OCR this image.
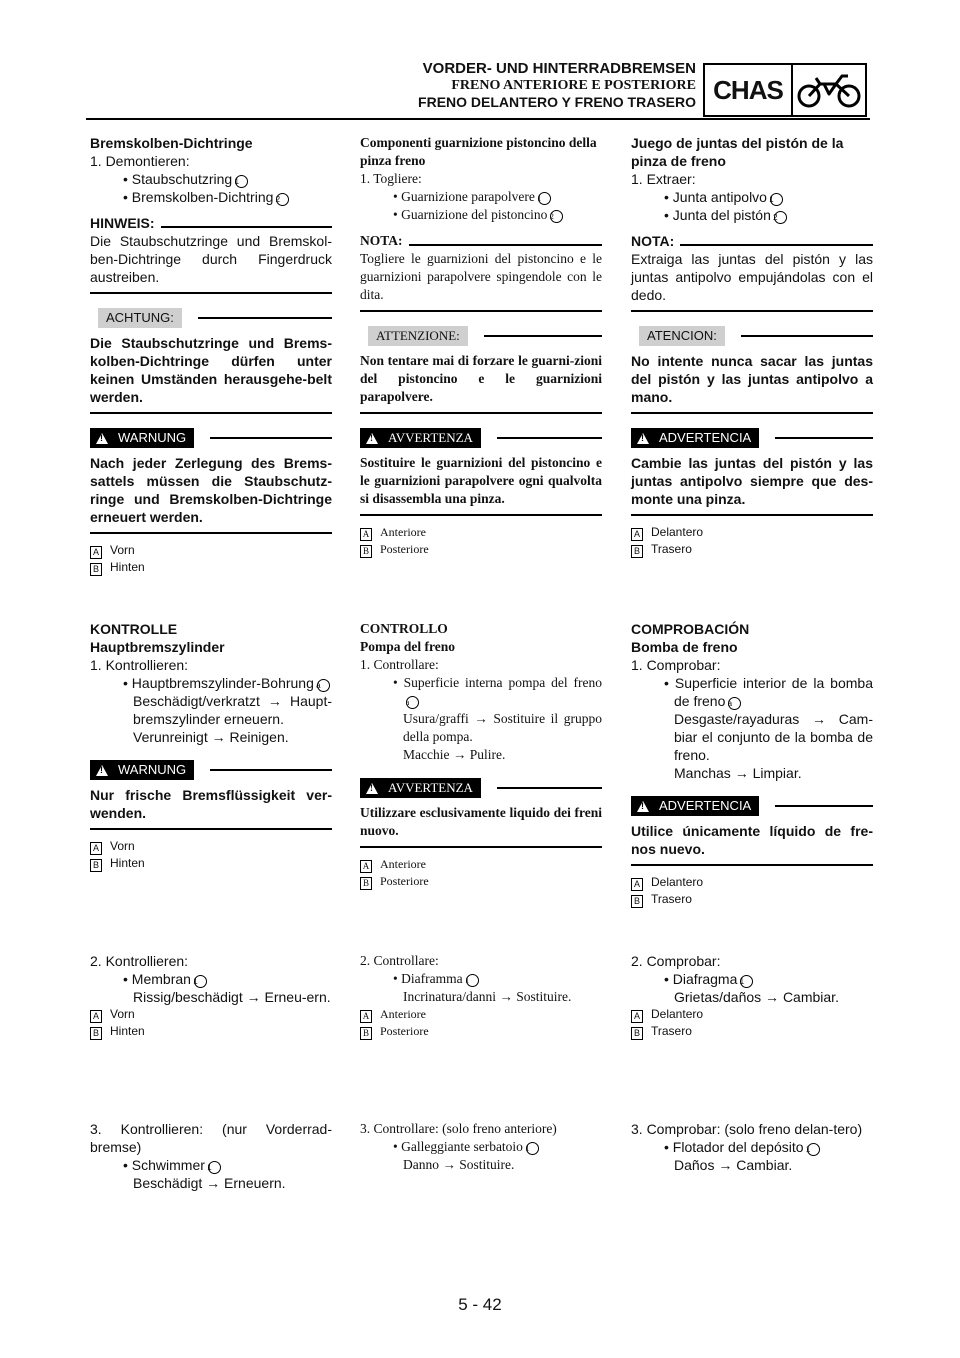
VORDER- UND HINTERRADBREMSEN
FRENO ANTERIORE E POSTERIORE
FRENO DELANTERO Y FRENO TRASERO CHAS
Bremskolben-Dichtringe
1. Demontieren:
• Staubschutzring 1
• Bremskolben-Dichtring 2
HINWEIS:
Die Staubschutzringe und Bremskol-ben-Dichtringe durch Fingerdruck austreiben.
ACHTUNG:
Die Staubschutzringe und Brems-kolben-Dichtringe dürfen unter keinen Umständen herausgehe-belt werden.
!
WARNUNG
Nach jeder Zerlegung des Brems-sattels müssen die Staubschutz-ringe und Bremskolben-Dichtringe erneuert werden.
A Vorn
B Hinten
KONTROLLE
Hauptbremszylinder
1. Kontrollieren:
• Hauptbremszylinder-Bohrung a
Beschädigt/verkratzt → Haupt-bremszylinder erneuern.
Verunreinigt → Reinigen.
!
WARNUNG
Nur frische Bremsflüssigkeit ver-wenden.
A Vorn
B Hinten
2. Kontrollieren:
• Membran 1
Rissig/beschädigt → Erneu-ern.
A Vorn
B Hinten
3. Kontrollieren: (nur Vorderrad-bremse)
• Schwimmer 1
Beschädigt → Erneuern.
Componenti guarnizione pistoncino della pinza freno
1. Togliere:
• Guarnizione parapolvere 1
• Guarnizione del pistoncino 2
NOTA:
Togliere le guarnizioni del pistoncino e le guarnizioni parapolvere spingendole con le dita.
ATTENZIONE:
Non tentare mai di forzare le guarni-zioni del pistoncino e le guarnizioni parapolvere.
!
AVVERTENZA
Sostituire le guarnizioni del pistoncino e le guarnizioni parapolvere ogni qualvolta si disassembla una pinza.
A Anteriore
B Posteriore
CONTROLLO
Pompa del freno
1. Controllare:
• Superficie interna pompa del frenoa
Usura/graffi → Sostituire il gruppo della pompa.
Macchie → Pulire.
!
AVVERTENZA
Utilizzare esclusivamente liquido dei freni nuovo.
A Anteriore
B Posteriore
2. Controllare:
• Diaframma 1
Incrinatura/danni → Sostituire.
A Anteriore
B Posteriore
3. Controllare: (solo freno anteriore)
• Galleggiante serbatoio 1
Danno → Sostituire.
Juego de juntas del pistón de la pinza de freno
1. Extraer:
• Junta antipolvo 1
• Junta del pistón 2
NOTA:
Extraiga las juntas del pistón y las juntas antipolvo empujándolas con el dedo.
ATENCION:
No intente nunca sacar las juntas del pistón y las juntas antipolvo a mano.
!
ADVERTENCIA
Cambie las juntas del pistón y las juntas antipolvo siempre que des-monte una pinza.
A Delantero
B Trasero
COMPROBACIÓN
Bomba de freno
1. Comprobar:
• Superficie interior de la bomba de freno a
Desgaste/rayaduras → Cam-biar el conjunto de la bomba de freno.
Manchas → Limpiar.
!
ADVERTENCIA
Utilice únicamente líquido de fre-nos nuevo.
A Delantero
B Trasero
2. Comprobar:
• Diafragma 1
Grietas/daños → Cambiar.
A Delantero
B Trasero
3. Comprobar: (solo freno delan-tero)
• Flotador del depósito 1
Daños → Cambiar.
5 - 42
